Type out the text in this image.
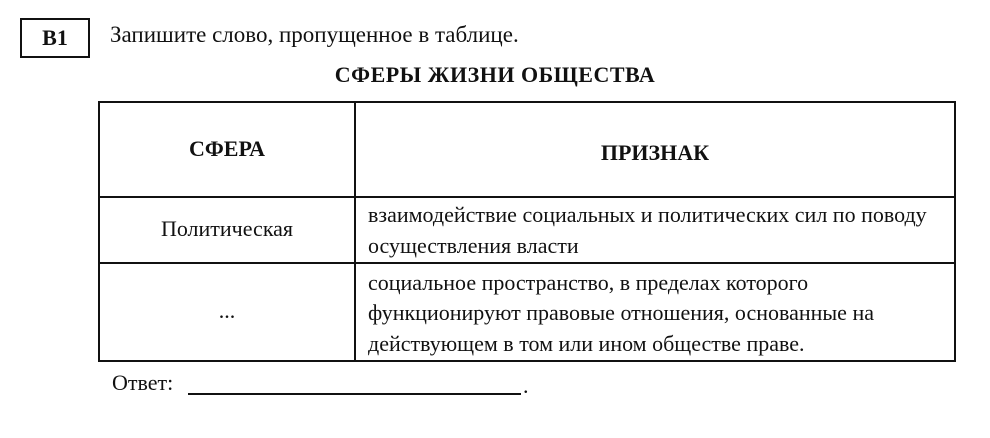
B1 Запишите слово, пропущенное в таблице.
СФЕРЫ ЖИЗНИ ОБЩЕСТВА
СФЕРА	ПРИЗНАК
Политическая	взаимодействие социальных и политических сил по поводу осуществления власти
...	социальное пространство, в пределах которого функционируют правовые отношения, основанные на действующем в том или ином обществе праве.
Ответ:	.
